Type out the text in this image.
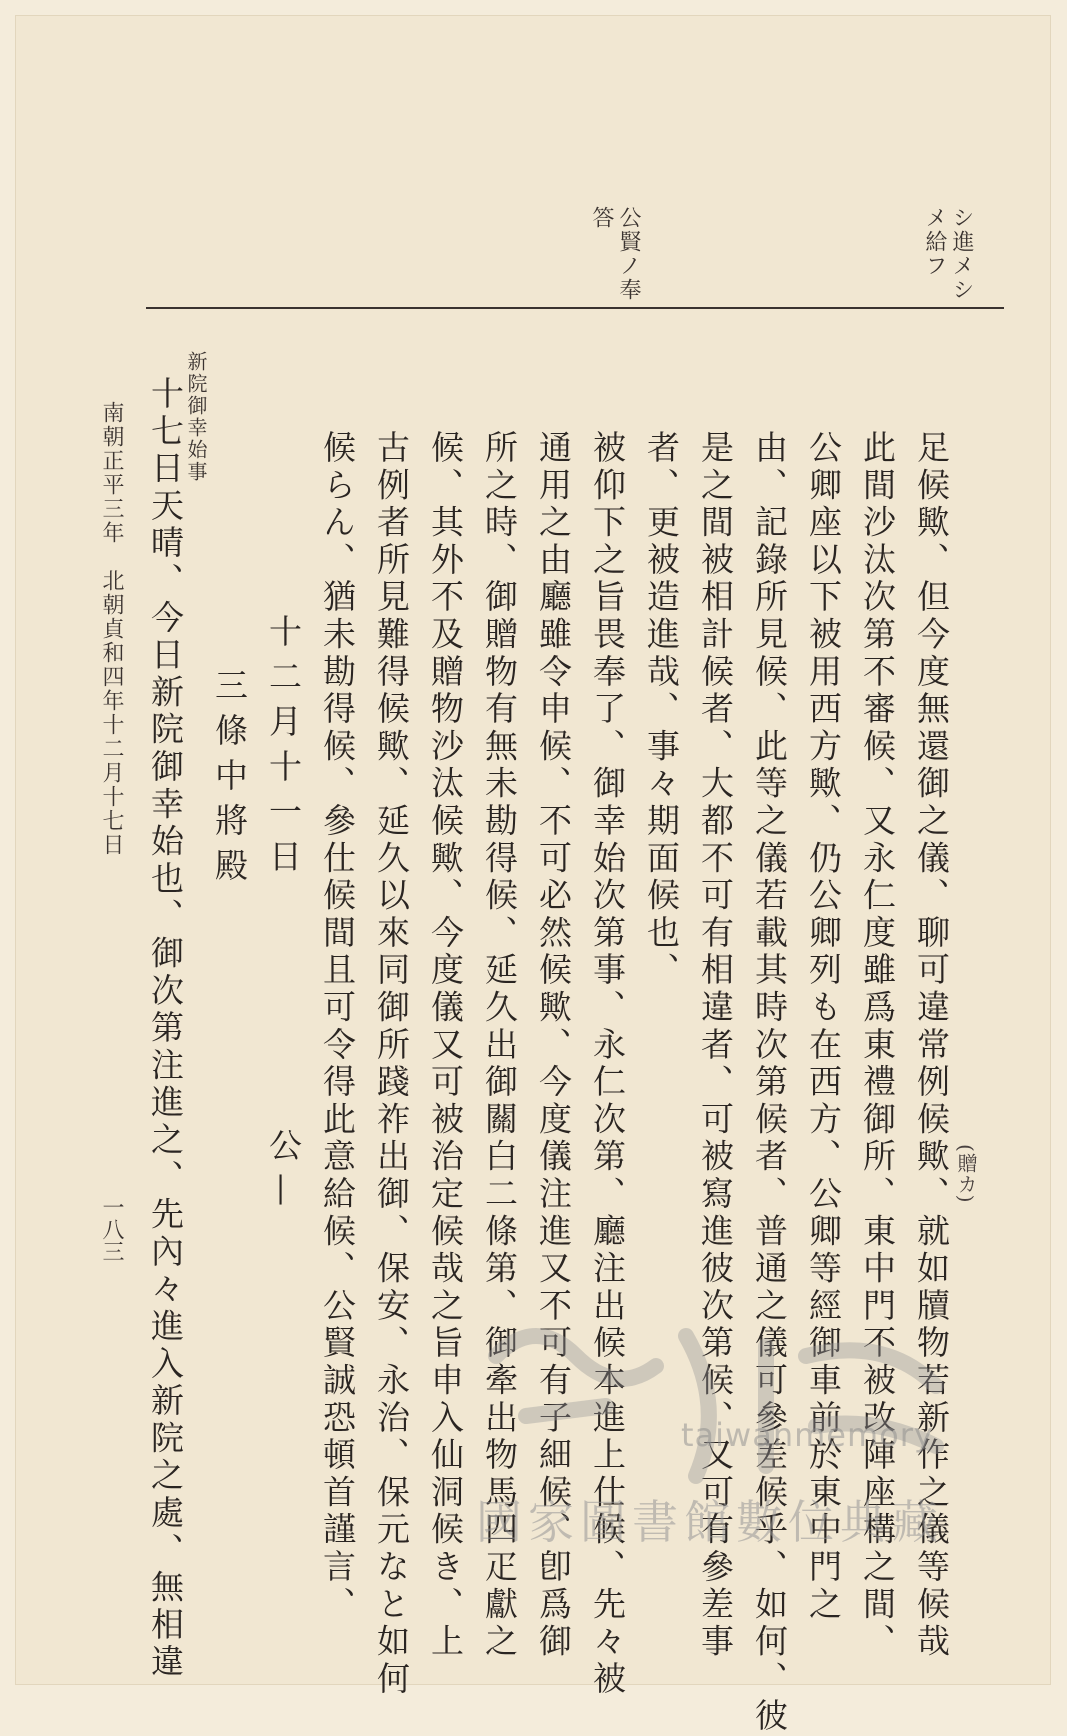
シ進メシ
メ給フ
公賢ノ奉
答
(贈カ)
足候歟、但今度無還御之儀、聊可違常例候歟、就如牘物若新作之儀等候哉
此間沙汰次第不審候、又永仁度雖爲東禮御所、東中門不被改陣座構之間、
公卿座以下被用西方歟、仍公卿列も在西方、公卿等經御車前於東中門之
由、記錄所見候、此等之儀若載其時次第候者、普通之儀可參差候乎、如何、彼
是之間被相計候者、大都不可有相違者、可被寫進彼次第候、又可有參差事
者、更被造進哉、事々期面候也、
被仰下之旨畏奉了、御幸始次第事、永仁次第、廳注出候本進上仕候、先々被
通用之由廳雖令申候、不可必然候歟、今度儀注進又不可有子細候、卽爲御
所之時、御贈物有無未勘得候、延久出御關白二條第、御牽出物馬四疋獻之
候、其外不及贈物沙汰候歟、今度儀又可被治定候哉之旨申入仙洞候き、上
古例者所見難得候歟、延久以來同御所踐祚出御、保安、永治、保元なと如何
候らん、猶未勘得候、參仕候間且可令得此意給候、公賢誠恐頓首謹言、
十二月十一日
公—
三條中將殿
新院御幸始事
十七日天晴、今日新院御幸始也、御次第注進之、先內々進入新院之處、無相違
南朝正平三年　北朝貞和四年十二月十七日
一八三
taiwanmemory
國家圖書館數位典藏
